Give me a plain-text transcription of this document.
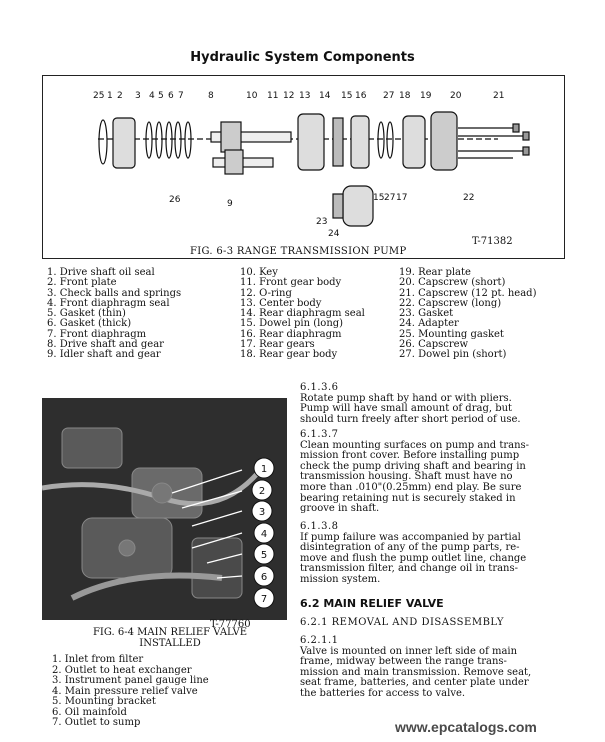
Hydraulic System Components
25 1 2 3 4 5 6 7	8	10 11 12 13 14 15 16 27 18 19 20	21
26	9
15 27 17	22
23
24
T-71382
FIG. 6-3 RANGE TRANSMISSION PUMP
1. Drive shaft oil seal
2. Front plate
3. Check balls and springs
4. Front diaphragm seal
5. Gasket (thin)
6. Gasket (thick)
7. Front diaphragm
8. Drive shaft and gear
9. Idler shaft and gear
10. Key
11. Front gear body
12. O-ring
13. Center body
14. Rear diaphragm seal
15. Dowel pin (long)
16. Rear diaphragm
17. Rear gears
18. Rear gear body
19. Rear plate
20. Capscrew (short)
21. Capscrew (12 pt. head)
22. Capscrew (long)
23. Gasket
24. Adapter
25. Mounting gasket
26. Capscrew
27. Dowel pin (short)
1
2
3
4
5
6
7
T-77760
FIG. 6-4 MAIN RELIEF VALVE
INSTALLED
1. Inlet from filter
2. Outlet to heat exchanger
3. Instrument panel gauge line
4. Main pressure relief valve
5. Mounting bracket
6. Oil mainfold
7. Outlet to sump
6.1.3.6
Rotate pump shaft by hand or with pliers.
Pump will have small amount of drag, but
should turn freely after short period of use.
6.1.3.7
Clean mounting surfaces on pump and trans-
mission front cover. Before installing pump
check the pump driving shaft and bearing in
transmission housing. Shaft must have no
more than .010"(0.25mm) end play. Be sure
bearing retaining nut is securely staked in
groove in shaft.
6.1.3.8
If pump failure was accompanied by partial
disintegration of any of the pump parts, re-
move and flush the pump outlet line, change
transmission filter, and change oil in trans-
mission system.
6.2 MAIN RELIEF VALVE
6.2.1 REMOVAL AND DISASSEMBLY
6.2.1.1
Valve is mounted on inner left side of main
frame, midway between the range trans-
mission and main transmission. Remove seat,
seat frame, batteries, and center plate under
the batteries for access to valve.
www.epcatalogs.com
